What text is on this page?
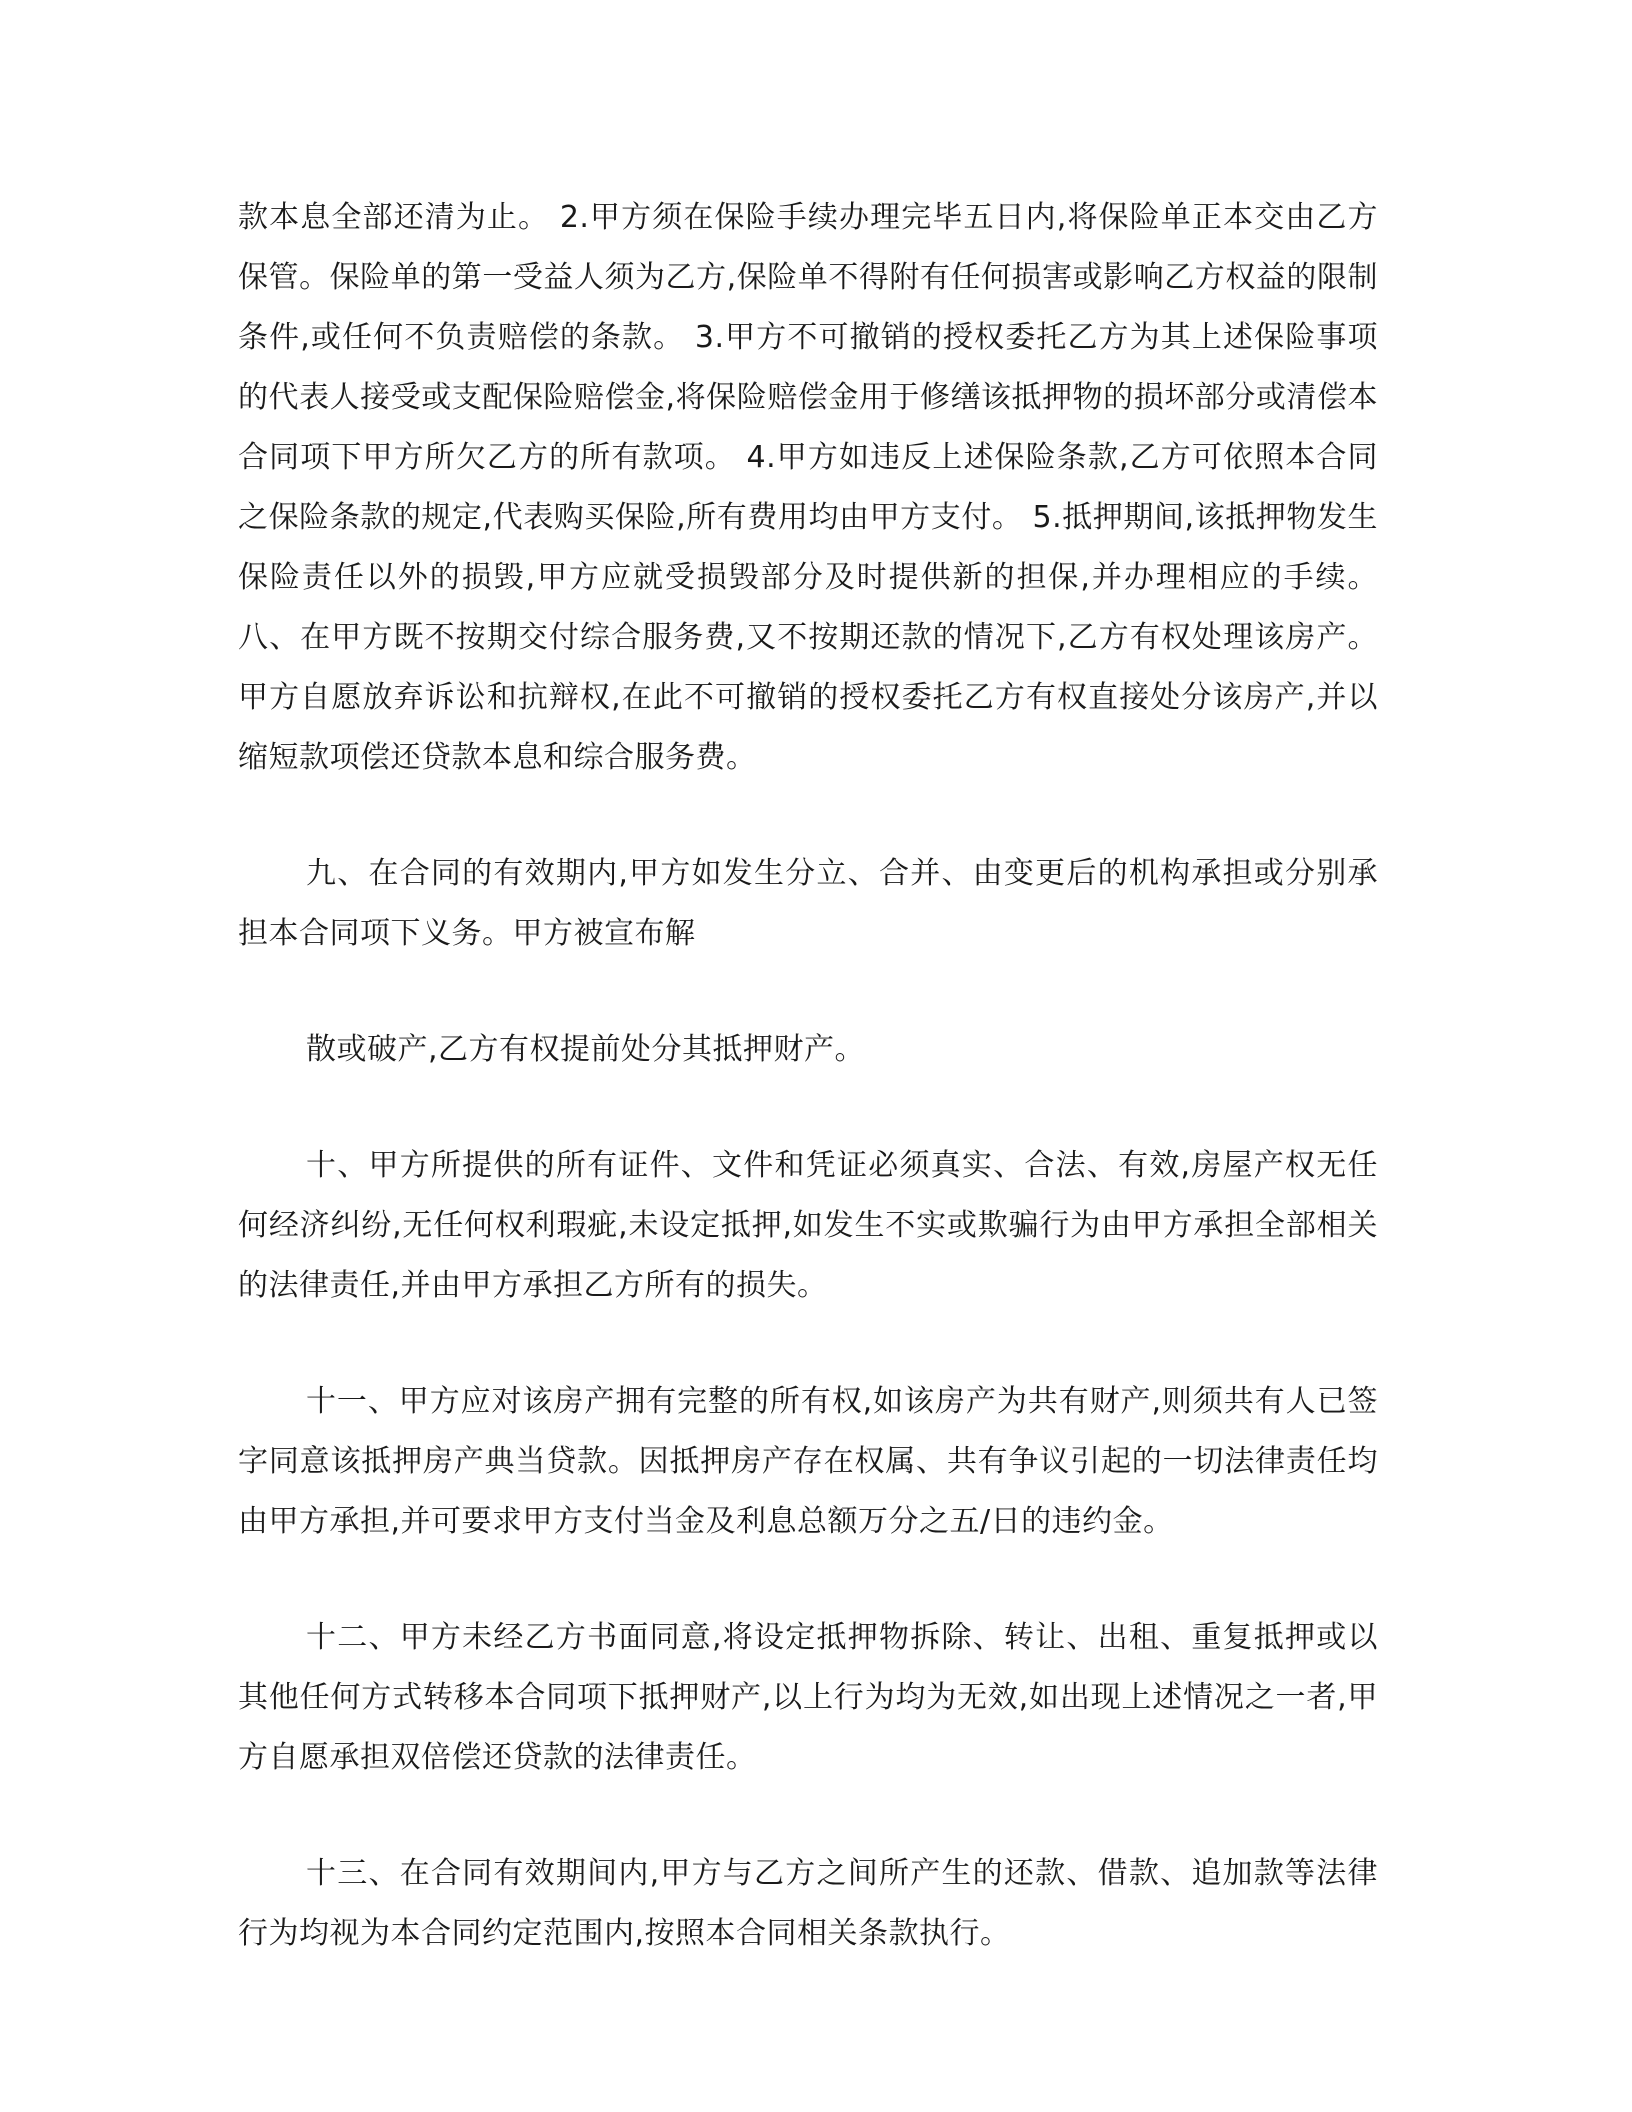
款本息全部还清为止。 2.甲方须在保险手续办理完毕五日内,将保险单正本交由乙方保管。保险单的第一受益人须为乙方,保险单不得附有任何损害或影响乙方权益的限制条件,或任何不负责赔偿的条款。 3.甲方不可撤销的授权委托乙方为其上述保险事项的代表人接受或支配保险赔偿金,将保险赔偿金用于修缮该抵押物的损坏部分或清偿本合同项下甲方所欠乙方的所有款项。 4.甲方如违反上述保险条款,乙方可依照本合同之保险条款的规定,代表购买保险,所有费用均由甲方支付。 5.抵押期间,该抵押物发生保险责任以外的损毁,甲方应就受损毁部分及时提供新的担保,并办理相应的手续。八、在甲方既不按期交付综合服务费,又不按期还款的情况下,乙方有权处理该房产。甲方自愿放弃诉讼和抗辩权,在此不可撤销的授权委托乙方有权直接处分该房产,并以缩短款项偿还贷款本息和综合服务费。

九、在合同的有效期内,甲方如发生分立、合并、由变更后的机构承担或分别承担本合同项下义务。甲方被宣布解

散或破产,乙方有权提前处分其抵押财产。

十、甲方所提供的所有证件、文件和凭证必须真实、合法、有效,房屋产权无任何经济纠纷,无任何权利瑕疵,未设定抵押,如发生不实或欺骗行为由甲方承担全部相关的法律责任,并由甲方承担乙方所有的损失。

十一、甲方应对该房产拥有完整的所有权,如该房产为共有财产,则须共有人已签字同意该抵押房产典当贷款。因抵押房产存在权属、共有争议引起的一切法律责任均由甲方承担,并可要求甲方支付当金及利息总额万分之五/日的违约金。

十二、甲方未经乙方书面同意,将设定抵押物拆除、转让、出租、重复抵押或以其他任何方式转移本合同项下抵押财产,以上行为均为无效,如出现上述情况之一者,甲方自愿承担双倍偿还贷款的法律责任。

十三、在合同有效期间内,甲方与乙方之间所产生的还款、借款、追加款等法律行为均视为本合同约定范围内,按照本合同相关条款执行。
